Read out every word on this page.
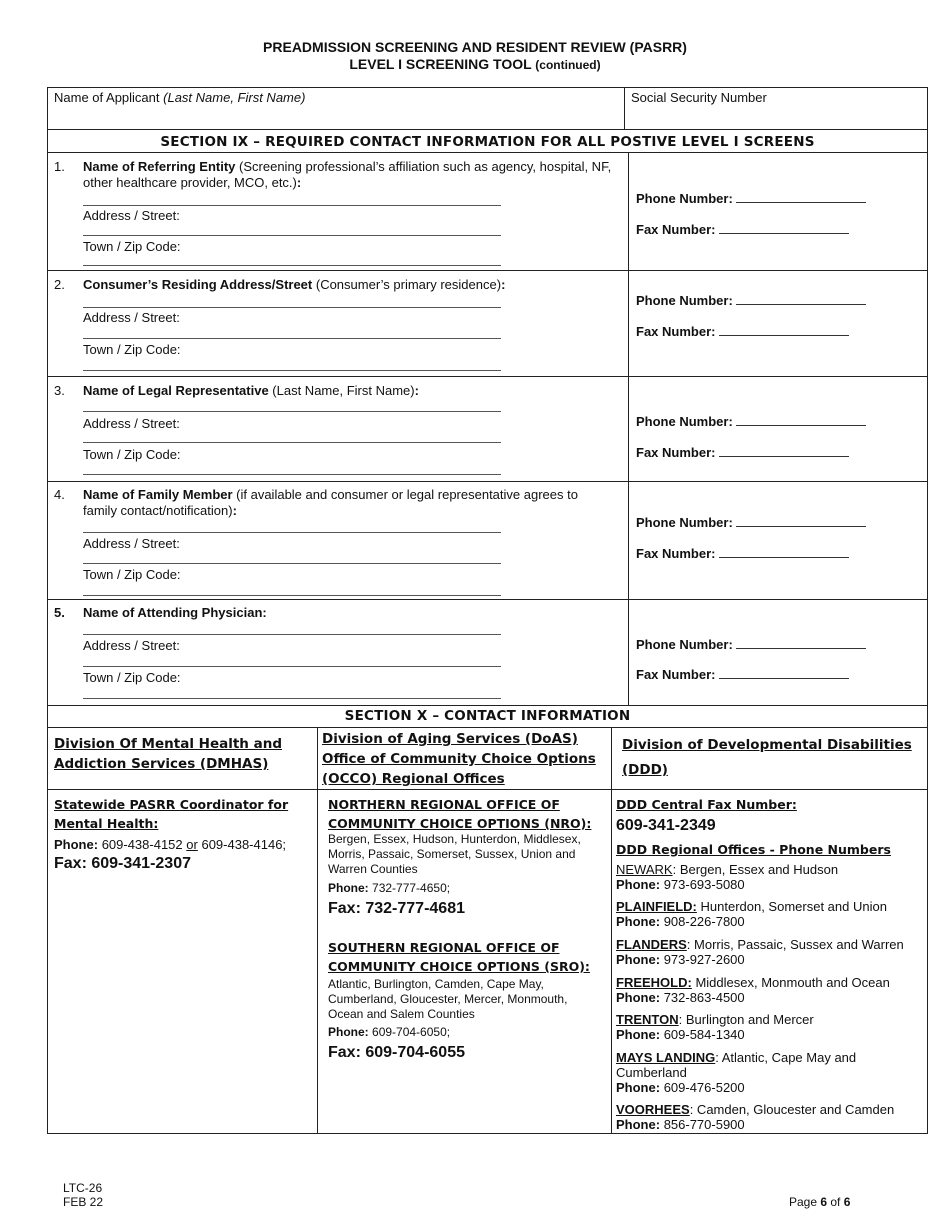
PREADMISSION SCREENING AND RESIDENT REVIEW (PASRR)
LEVEL I SCREENING TOOL (continued)
Name of Applicant (Last Name, First Name)	Social Security Number
SECTION IX – REQUIRED CONTACT INFORMATION FOR ALL POSTIVE LEVEL I SCREENS
1. Name of Referring Entity (Screening professional’s affiliation such as agency, hospital, NF, other healthcare provider, MCO, etc.):
Address / Street:
Town / Zip Code:
Phone Number:
Fax Number:
2. Consumer’s Residing Address/Street (Consumer’s primary residence):
Address / Street:
Town / Zip Code:
Phone Number:
Fax Number:
3. Name of Legal Representative (Last Name, First Name):
Address / Street:
Town / Zip Code:
Phone Number:
Fax Number:
4. Name of Family Member (if available and consumer or legal representative agrees to family contact/notification):
Address / Street:
Town / Zip Code:
Phone Number:
Fax Number:
5. Name of Attending Physician:
Address / Street:
Town / Zip Code:
Phone Number:
Fax Number:
SECTION X – CONTACT INFORMATION
Division Of Mental Health and Addiction Services (DMHAS)
Division of Aging Services (DoAS) Office of Community Choice Options (OCCO) Regional Offices
Division of Developmental Disabilities (DDD)
Statewide PASRR Coordinator for Mental Health:
Phone: 609-438-4152 or 609-438-4146;
Fax: 609-341-2307
NORTHERN REGIONAL OFFICE OF COMMUNITY CHOICE OPTIONS (NRO):
Bergen, Essex, Hudson, Hunterdon, Middlesex, Morris, Passaic, Somerset, Sussex, Union and Warren Counties
Phone: 732-777-4650;
Fax: 732-777-4681
SOUTHERN REGIONAL OFFICE OF COMMUNITY CHOICE OPTIONS (SRO):
Atlantic, Burlington, Camden, Cape May, Cumberland, Gloucester, Mercer, Monmouth, Ocean and Salem Counties
Phone: 609-704-6050;
Fax: 609-704-6055
DDD Central Fax Number:
609-341-2349
DDD Regional Offices - Phone Numbers
NEWARK: Bergen, Essex and Hudson
Phone: 973-693-5080
PLAINFIELD: Hunterdon, Somerset and Union
Phone: 908-226-7800
FLANDERS: Morris, Passaic, Sussex and Warren
Phone: 973-927-2600
FREEHOLD: Middlesex, Monmouth and Ocean
Phone: 732-863-4500
TRENTON: Burlington and Mercer
Phone: 609-584-1340
MAYS LANDING: Atlantic, Cape May and Cumberland
Phone: 609-476-5200
VOORHEES: Camden, Gloucester and Camden
Phone: 856-770-5900
LTC-26
FEB 22	Page 6 of 6
